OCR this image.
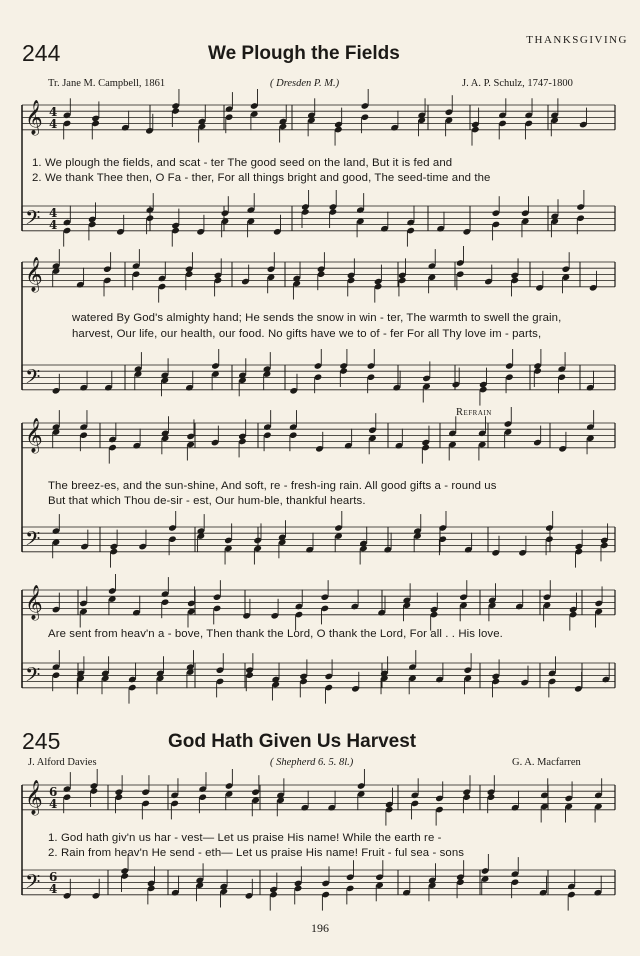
𝄞 4
4
𝄢 4
4
𝄞
𝄢
𝄞
𝄢
𝄞
𝄢
𝄞 6
4
𝄢 6
4
THANKSGIVING
244	We Plough the Fields
Tr. Jane M. Campbell, 1861	( Dresden P. M.)	J. A. P. Schulz, 1747-1800
1. We plough the fields, and scat - ter The good seed on the land, But it is fed and
2. We thank Thee then, O Fa - ther, For all things bright and good, The seed-time and the
watered By God's almighty hand; He sends the snow in win - ter, The warmth to swell the grain,
harvest, Our life, our health, our food. No gifts have we to of - fer For all Thy love im - parts,
Refrain
The breez-es, and the sun-shine, And soft, re - fresh-ing rain. All good gifts a - round us
But that which Thou de-sir - est, Our hum-ble, thankful hearts.
Are sent from heav'n a - bove, Then thank the Lord, O thank the Lord, For all . . His love.
245	God Hath Given Us Harvest
J. Alford Davies	( Shepherd 6. 5. 8l.)	G. A. Macfarren
1. God hath giv'n us har - vest— Let us praise His name! While the earth re -
2. Rain from heav'n He send - eth— Let us praise His name! Fruit - ful sea - sons
196
